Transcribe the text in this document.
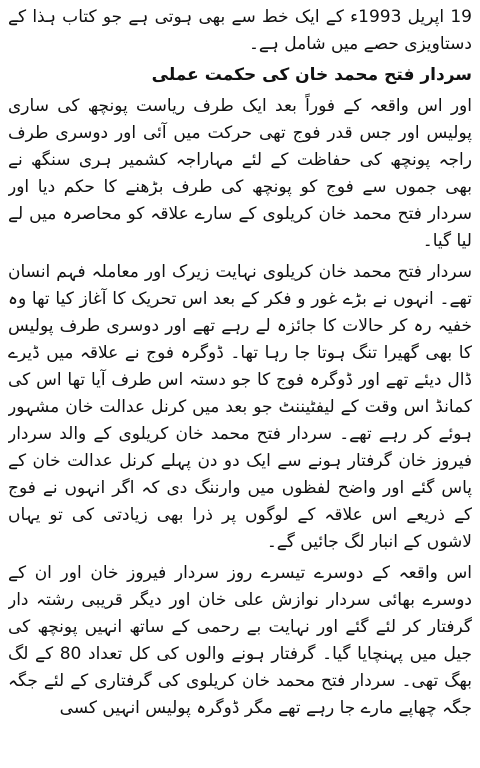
19 اپریل 1993ء کے ایک خط سے بھی ہوتی ہے جو کتاب ہذا کے دستاویزی حصے میں شامل ہے۔

سردار فتح محمد خان کی حکمت عملی

اور اس واقعہ کے فوراً بعد ایک طرف ریاست پونچھ کی ساری پولیس اور جس قدر فوج تھی حرکت میں آئی اور دوسری طرف راجہ پونچھ کی حفاظت کے لئے مہاراجہ کشمیر ہری سنگھ نے بھی جموں سے فوج کو پونچھ کی طرف بڑھنے کا حکم دیا اور سردار فتح محمد خان کریلوی کے سارے علاقہ کو محاصرہ میں لے لیا گیا۔

سردار فتح محمد خان کریلوی نہایت زیرک اور معاملہ فہم انسان تھے۔ انہوں نے بڑے غور و فکر کے بعد اس تحریک کا آغاز کیا تھا وہ خفیہ رہ کر حالات کا جائزہ لے رہے تھے اور دوسری طرف پولیس کا بھی گھیرا تنگ ہوتا جا رہا تھا۔ ڈوگرہ فوج نے علاقہ میں ڈیرے ڈال دیئے تھے اور ڈوگرہ فوج کا جو دستہ اس طرف آیا تھا اس کی کمانڈ اس وقت کے لیفٹیننٹ جو بعد میں کرنل عدالت خان مشہور ہوئے کر رہے تھے۔ سردار فتح محمد خان کریلوی کے والد سردار فیروز خان گرفتار ہونے سے ایک دو دن پہلے کرنل عدالت خان کے پاس گئے اور واضح لفظوں میں وارننگ دی کہ اگر انہوں نے فوج کے ذریعے اس علاقہ کے لوگوں پر ذرا بھی زیادتی کی تو یہاں لاشوں کے انبار لگ جائیں گے۔

اس واقعہ کے دوسرے تیسرے روز سردار فیروز خان اور ان کے دوسرے بھائی سردار نوازش علی خان اور دیگر قریبی رشتہ دار گرفتار کر لئے گئے اور نہایت بے رحمی کے ساتھ انہیں پونچھ کی جیل میں پہنچایا گیا۔ گرفتار ہونے والوں کی کل تعداد 80 کے لگ بھگ تھی۔ سردار فتح محمد خان کریلوی کی گرفتاری کے لئے جگہ جگہ چھاپے مارے جا رہے تھے مگر ڈوگرہ پولیس انہیں کسی
